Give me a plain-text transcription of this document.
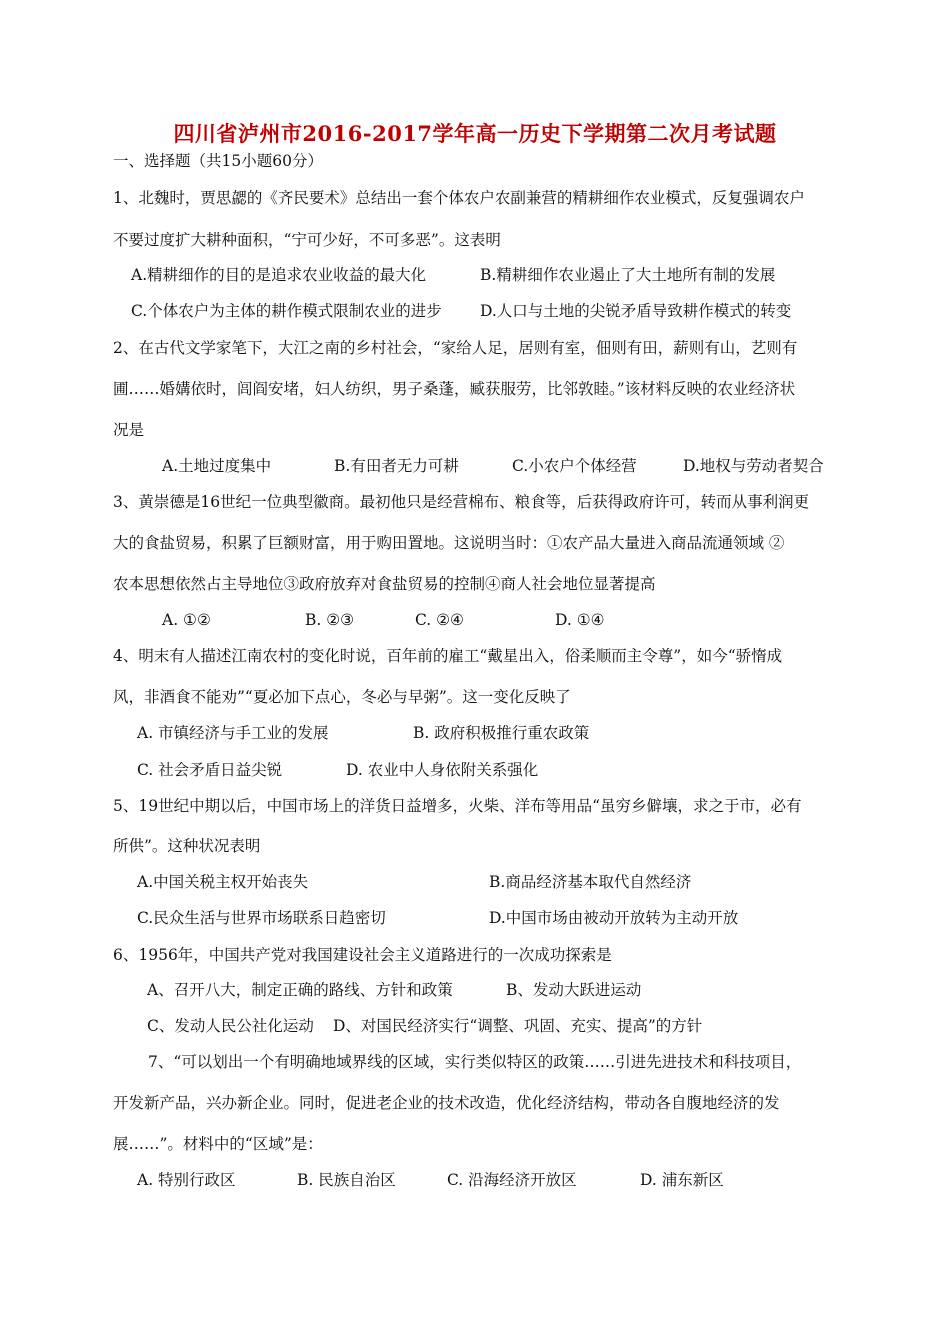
四川省泸州市2016-2017学年高一历史下学期第二次月考试题
一、选择题（共15小题60分）
1、北魏时，贾思勰的《齐民要术》总结出一套个体农户农副兼营的精耕细作农业模式，反复强调农户
不要过度扩大耕种面积，“宁可少好，不可多恶”。这表明
A.精耕细作的目的是追求农业收益的最大化	B.精耕细作农业遏止了大土地所有制的发展
C.个体农户为主体的耕作模式限制农业的进步 D.人口与土地的尖锐矛盾导致耕作模式的转变
2、在古代文学家笔下，大江之南的乡村社会，“家给人足，居则有室，佃则有田，薪则有山，艺则有
圃……婚媾依时，闾阎安堵，妇人纺织，男子桑蓬，臧获服劳，比邻敦睦。”该材料反映的农业经济状
况是
A.土地过度集中	B.有田者无力可耕	C.小农户个体经营	D.地权与劳动者契合
3、黄崇德是16世纪一位典型徽商。最初他只是经营棉布、粮食等，后获得政府许可，转而从事利润更
大的食盐贸易，积累了巨额财富，用于购田置地。这说明当时：①农产品大量进入商品流通领域 ②
农本思想依然占主导地位③政府放弃对食盐贸易的控制④商人社会地位显著提高
A. ①②	B. ②③	C. ②④	D. ①④
4、明末有人描述江南农村的变化时说，百年前的雇工“戴星出入，俗柔顺而主令尊”，如今“骄惰成
风，非酒食不能劝”“夏必加下点心，冬必与早粥”。这一变化反映了
A. 市镇经济与手工业的发展	B. 政府积极推行重农政策
C. 社会矛盾日益尖锐	D. 农业中人身依附关系强化
5、19世纪中期以后，中国市场上的洋货日益增多，火柴、洋布等用品“虽穷乡僻壤，求之于市，必有
所供”。这种状况表明
A.中国关税主权开始丧失	B.商品经济基本取代自然经济
C.民众生活与世界市场联系日趋密切	D.中国市场由被动开放转为主动开放
6、1956年，中国共产党对我国建设社会主义道路进行的一次成功探索是
A、召开八大，制定正确的路线、方针和政策	B、发动大跃进运动
C、发动人民公社化运动 D、对国民经济实行“调整、巩固、充实、提高”的方针
7、“可以划出一个有明确地域界线的区域，实行类似特区的政策……引进先进技术和科技项目，
开发新产品，兴办新企业。同时，促进老企业的技术改造，优化经济结构，带动各自腹地经济的发
展……”。材料中的“区域”是：
A. 特别行政区	B. 民族自治区	C. 沿海经济开放区	D. 浦东新区
